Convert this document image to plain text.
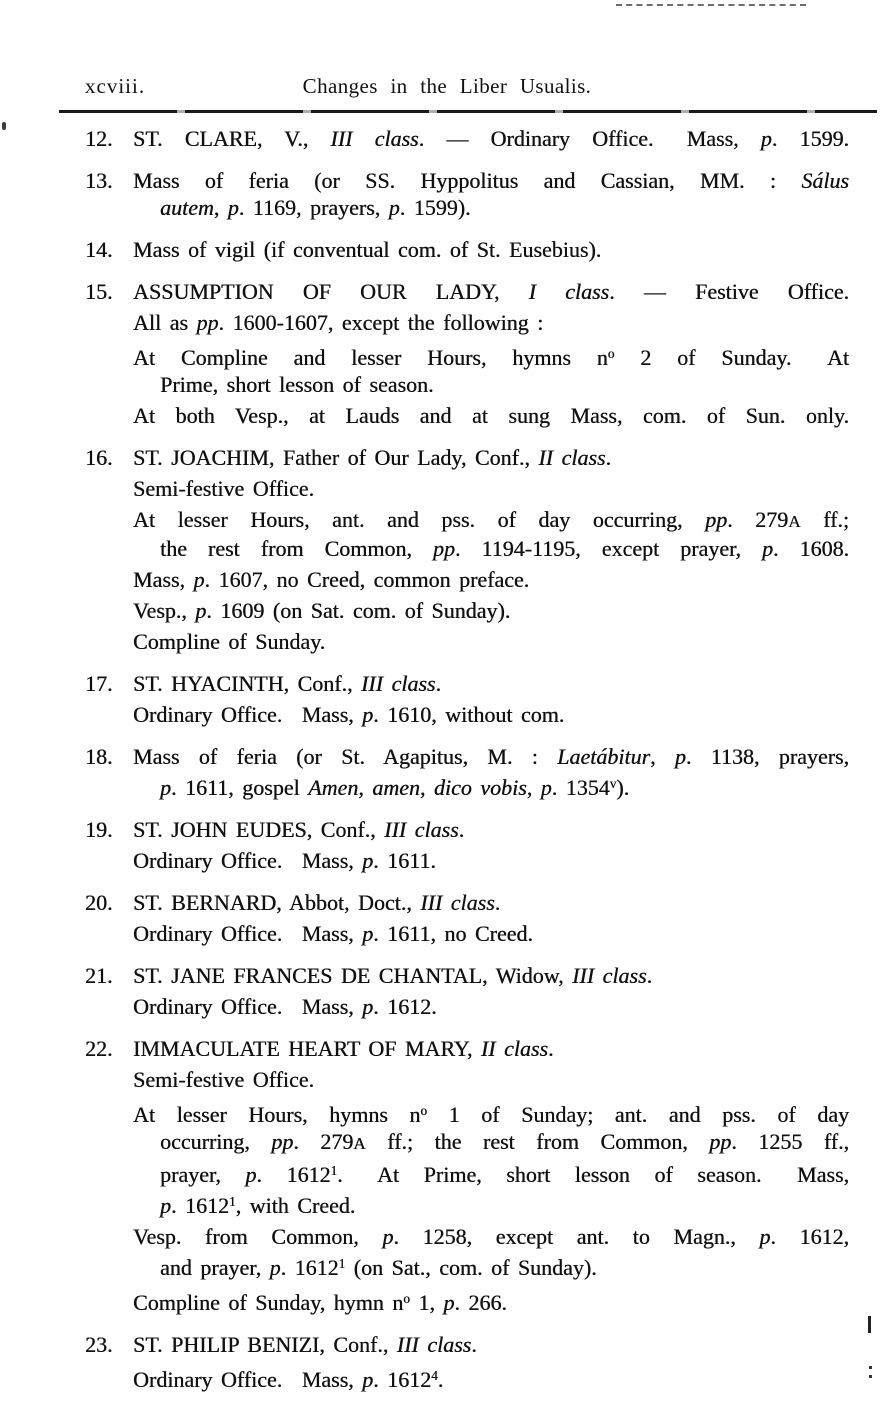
xcviii.	Changes in the Liber Usualis.
12. ST. CLARE, V., III class. — Ordinary Office.  Mass, p. 1599.

13. Mass of feria (or SS. Hyppolitus and Cassian, MM. : Sálus

autem, p. 1169, prayers, p. 1599).

14. Mass of vigil (if conventual com. of St. Eusebius).

15. ASSUMPTION OF OUR LADY, I class. — Festive Office.

All as pp. 1600-1607, except the following :

At Compline and lesser Hours, hymns $n^o$ 2 of Sunday.  At

Prime, short lesson of season.

At both Vesp., at Lauds and at sung Mass, com. of Sun. only.

16. ST. JOACHIM, Father of Our Lady, Conf., II class.

Semi-festive Office.

At lesser Hours, ant. and pss. of day occurring, pp. 279A ff.;

the rest from Common, pp. 1194-1195, except prayer, p. 1608.

Mass, p. 1607, no Creed, common preface.

Vesp., p. 1609 (on Sat. com. of Sunday).

Compline of Sunday.

17. ST. HYACINTH, Conf., III class.

Ordinary Office.  Mass, p. 1610, without com.

18. Mass of feria (or St. Agapitus, M. : Laetábitur, p. 1138, prayers,

p. 1611, gospel Amen, amen, dico vobis, p. 1354$^v$).

19. ST. JOHN EUDES, Conf., III class.

Ordinary Office.  Mass, p. 1611.

20. ST. BERNARD, Abbot, Doct., III class.

Ordinary Office.  Mass, p. 1611, no Creed.

21. ST. JANE FRANCES DE CHANTAL, Widow, III class.

Ordinary Office.  Mass, p. 1612.

22. IMMACULATE HEART OF MARY, II class.

Semi-festive Office.

At lesser Hours, hymns $n^o$ 1 of Sunday; ant. and pss. of day

occurring, pp. 279A ff.; the rest from Common, pp. 1255 ff.,

prayer, p. 1612$^1$.  At Prime, short lesson of season.  Mass,

p. 1612$^1$, with Creed.

Vesp. from Common, p. 1258, except ant. to Magn., p. 1612,

and prayer, p. 1612$^1$ (on Sat., com. of Sunday).

Compline of Sunday, hymn $n^o$ 1, p. 266.

23. ST. PHILIP BENIZI, Conf., III class.

Ordinary Office.  Mass, p. 1612$^4$.
